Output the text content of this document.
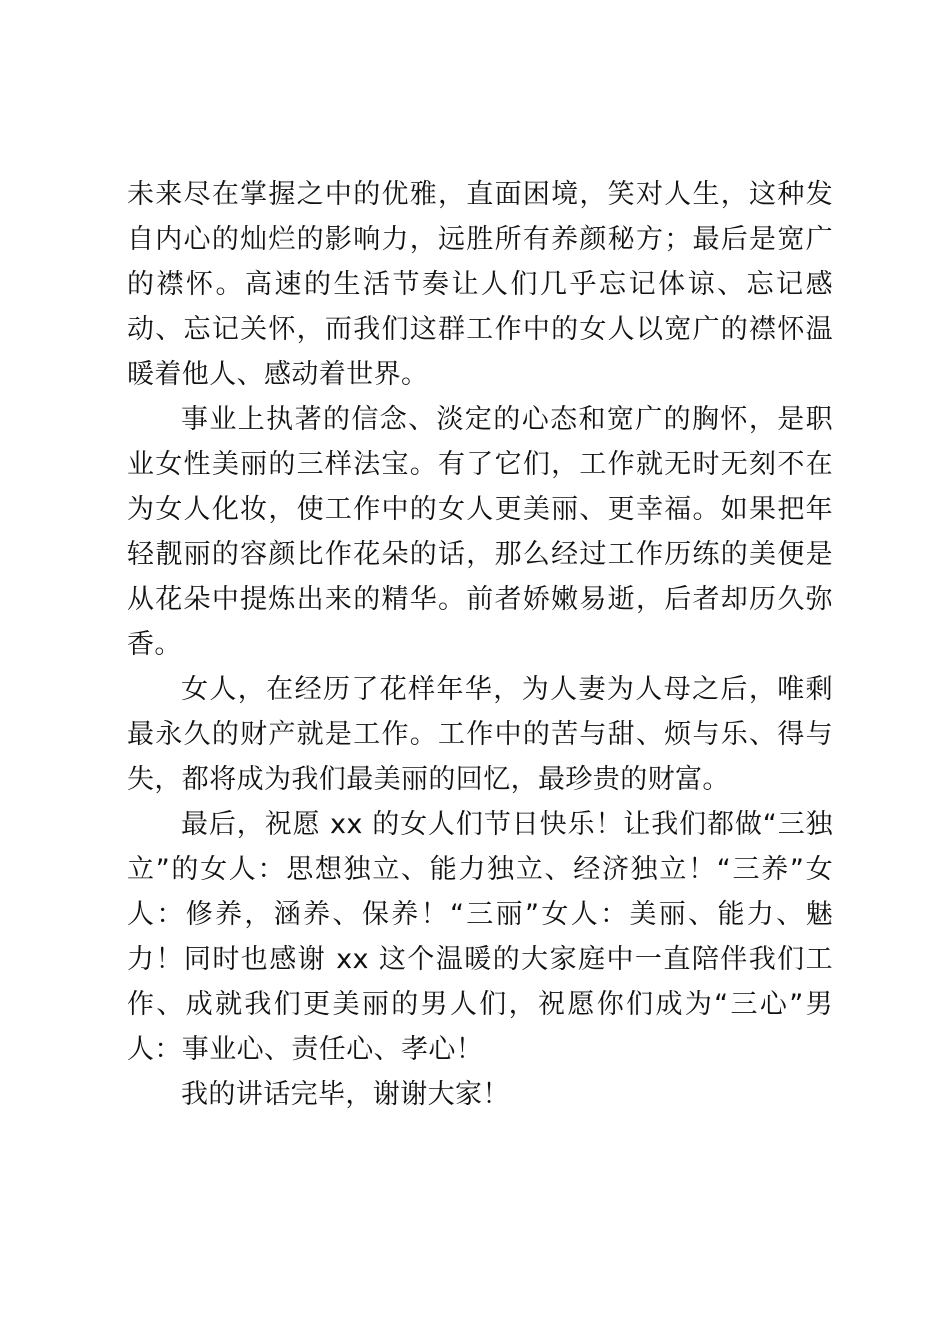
未来尽在掌握之中的优雅，直面困境，笑对人生，这种发自内心的灿烂的影响力，远胜所有养颜秘方；最后是宽广的襟怀。高速的生活节奏让人们几乎忘记体谅、忘记感动、忘记关怀，而我们这群工作中的女人以宽广的襟怀温暖着他人、感动着世界。

事业上执著的信念、淡定的心态和宽广的胸怀，是职业女性美丽的三样法宝。有了它们，工作就无时无刻不在为女人化妆，使工作中的女人更美丽、更幸福。如果把年轻靓丽的容颜比作花朵的话，那么经过工作历练的美便是从花朵中提炼出来的精华。前者娇嫩易逝，后者却历久弥香。

女人，在经历了花样年华，为人妻为人母之后，唯剩最永久的财产就是工作。工作中的苦与甜、烦与乐、得与失，都将成为我们最美丽的回忆，最珍贵的财富。

最后，祝愿 xx 的女人们节日快乐！让我们都做“三独立”的女人：思想独立、能力独立、经济独立！“三养”女人：修养，涵养、保养！“三丽”女人：美丽、能力、魅力！同时也感谢 xx 这个温暖的大家庭中一直陪伴我们工作、成就我们更美丽的男人们，祝愿你们成为“三心”男人：事业心、责任心、孝心！

我的讲话完毕，谢谢大家！
